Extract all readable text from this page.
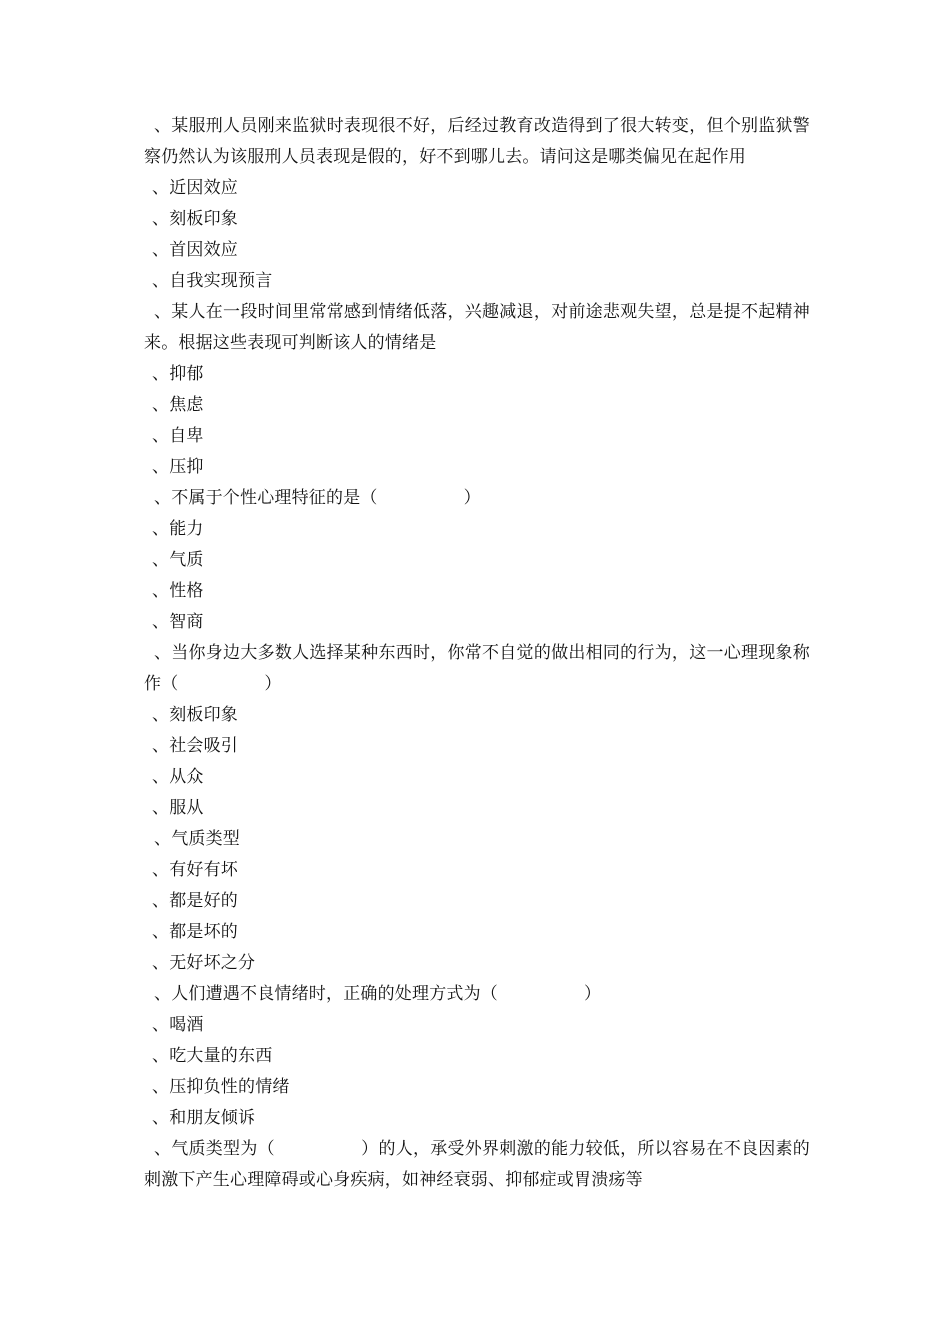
、某服刑人员刚来监狱时表现很不好，后经过教育改造得到了很大转变，但个别监狱警察仍然认为该服刑人员表现是假的，好不到哪儿去。请问这是哪类偏见在起作用

、近因效应

、刻板印象

、首因效应

、自我实现预言

、某人在一段时间里常常感到情绪低落，兴趣减退，对前途悲观失望，总是提不起精神来。根据这些表现可判断该人的情绪是

、抑郁

、焦虑

、自卑

、压抑

、不属于个性心理特征的是（　　　　　）

、能力

、气质

、性格

、智商

、当你身边大多数人选择某种东西时，你常不自觉的做出相同的行为，这一心理现象称作（　　　　　）

、刻板印象

、社会吸引

、从众

、服从

、气质类型

、有好有坏

、都是好的

、都是坏的

、无好坏之分

、人们遭遇不良情绪时，正确的处理方式为（　　　　　）

、喝酒

、吃大量的东西

、压抑负性的情绪

、和朋友倾诉

、气质类型为（　　　　　）的人，承受外界刺激的能力较低，所以容易在不良因素的刺激下产生心理障碍或心身疾病，如神经衰弱、抑郁症或胃溃疡等
